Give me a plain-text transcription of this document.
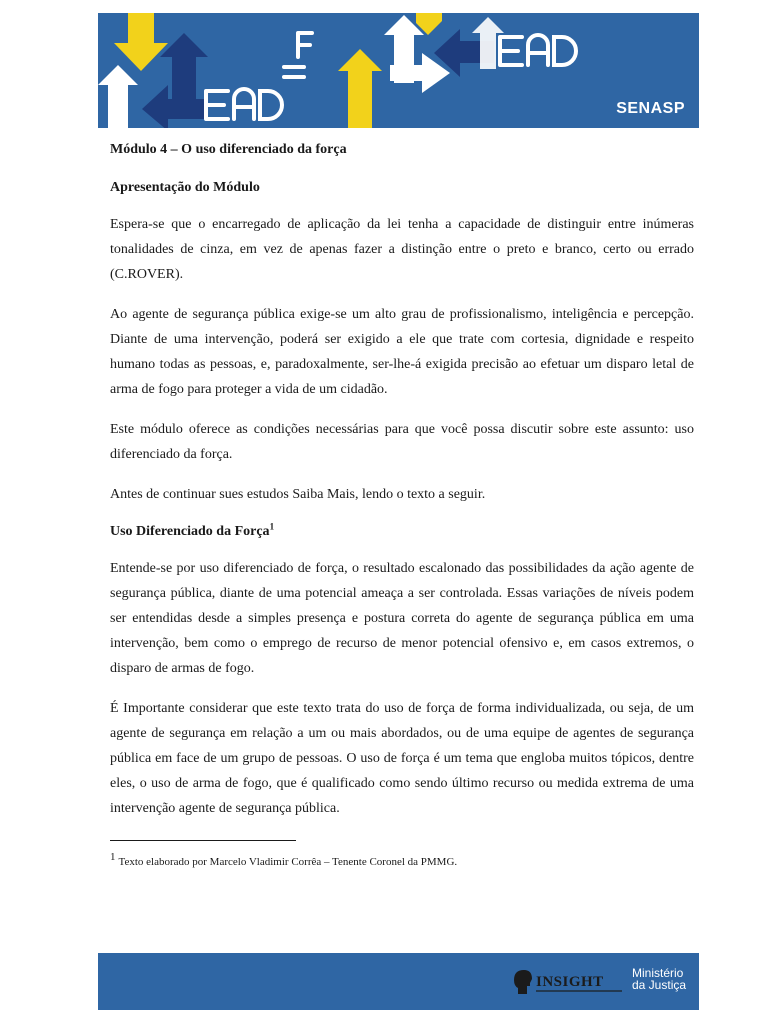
SENASP
Módulo 4 – O uso diferenciado da força
Apresentação do Módulo

Espera-se que o encarregado de aplicação da lei tenha a capacidade de distinguir entre inúmeras tonalidades de cinza, em vez de apenas fazer a distinção entre o preto e branco, certo ou errado (C.ROVER).

Ao agente de segurança pública exige-se um alto grau de profissionalismo, inteligência e percepção. Diante de uma intervenção, poderá ser exigido a ele que trate com cortesia, dignidade e respeito humano todas as pessoas, e, paradoxalmente, ser-lhe-á exigida precisão ao efetuar um disparo letal de arma de fogo para proteger a vida de um cidadão.

Este módulo oferece as condições necessárias para que você possa discutir sobre este assunto: uso diferenciado da força.

Antes de continuar sues estudos Saiba Mais, lendo o texto a seguir.

Uso Diferenciado da Força$^1$

Entende-se por uso diferenciado de força, o resultado escalonado das possibilidades da ação agente de segurança pública, diante de uma potencial ameaça a ser controlada. Essas variações de níveis podem ser entendidas desde a simples presença e postura correta do agente de segurança pública em uma intervenção, bem como o emprego de recurso de menor potencial ofensivo e, em casos extremos, o disparo de armas de fogo.

É Importante considerar que este texto trata do uso de força de forma individualizada, ou seja, de um agente de segurança em relação a um ou mais abordados, ou de uma equipe de agentes de segurança pública em face de um grupo de pessoas. O uso de força é um tema que engloba muitos tópicos, dentre eles, o uso de arma de fogo, que é qualificado como sendo último recurso ou medida extrema de uma intervenção agente de segurança pública.

1 Texto elaborado por Marcelo Vladimir Corrêa – Tenente Coronel da PMMG.
INSIGHT
Ministério
da Justiça
